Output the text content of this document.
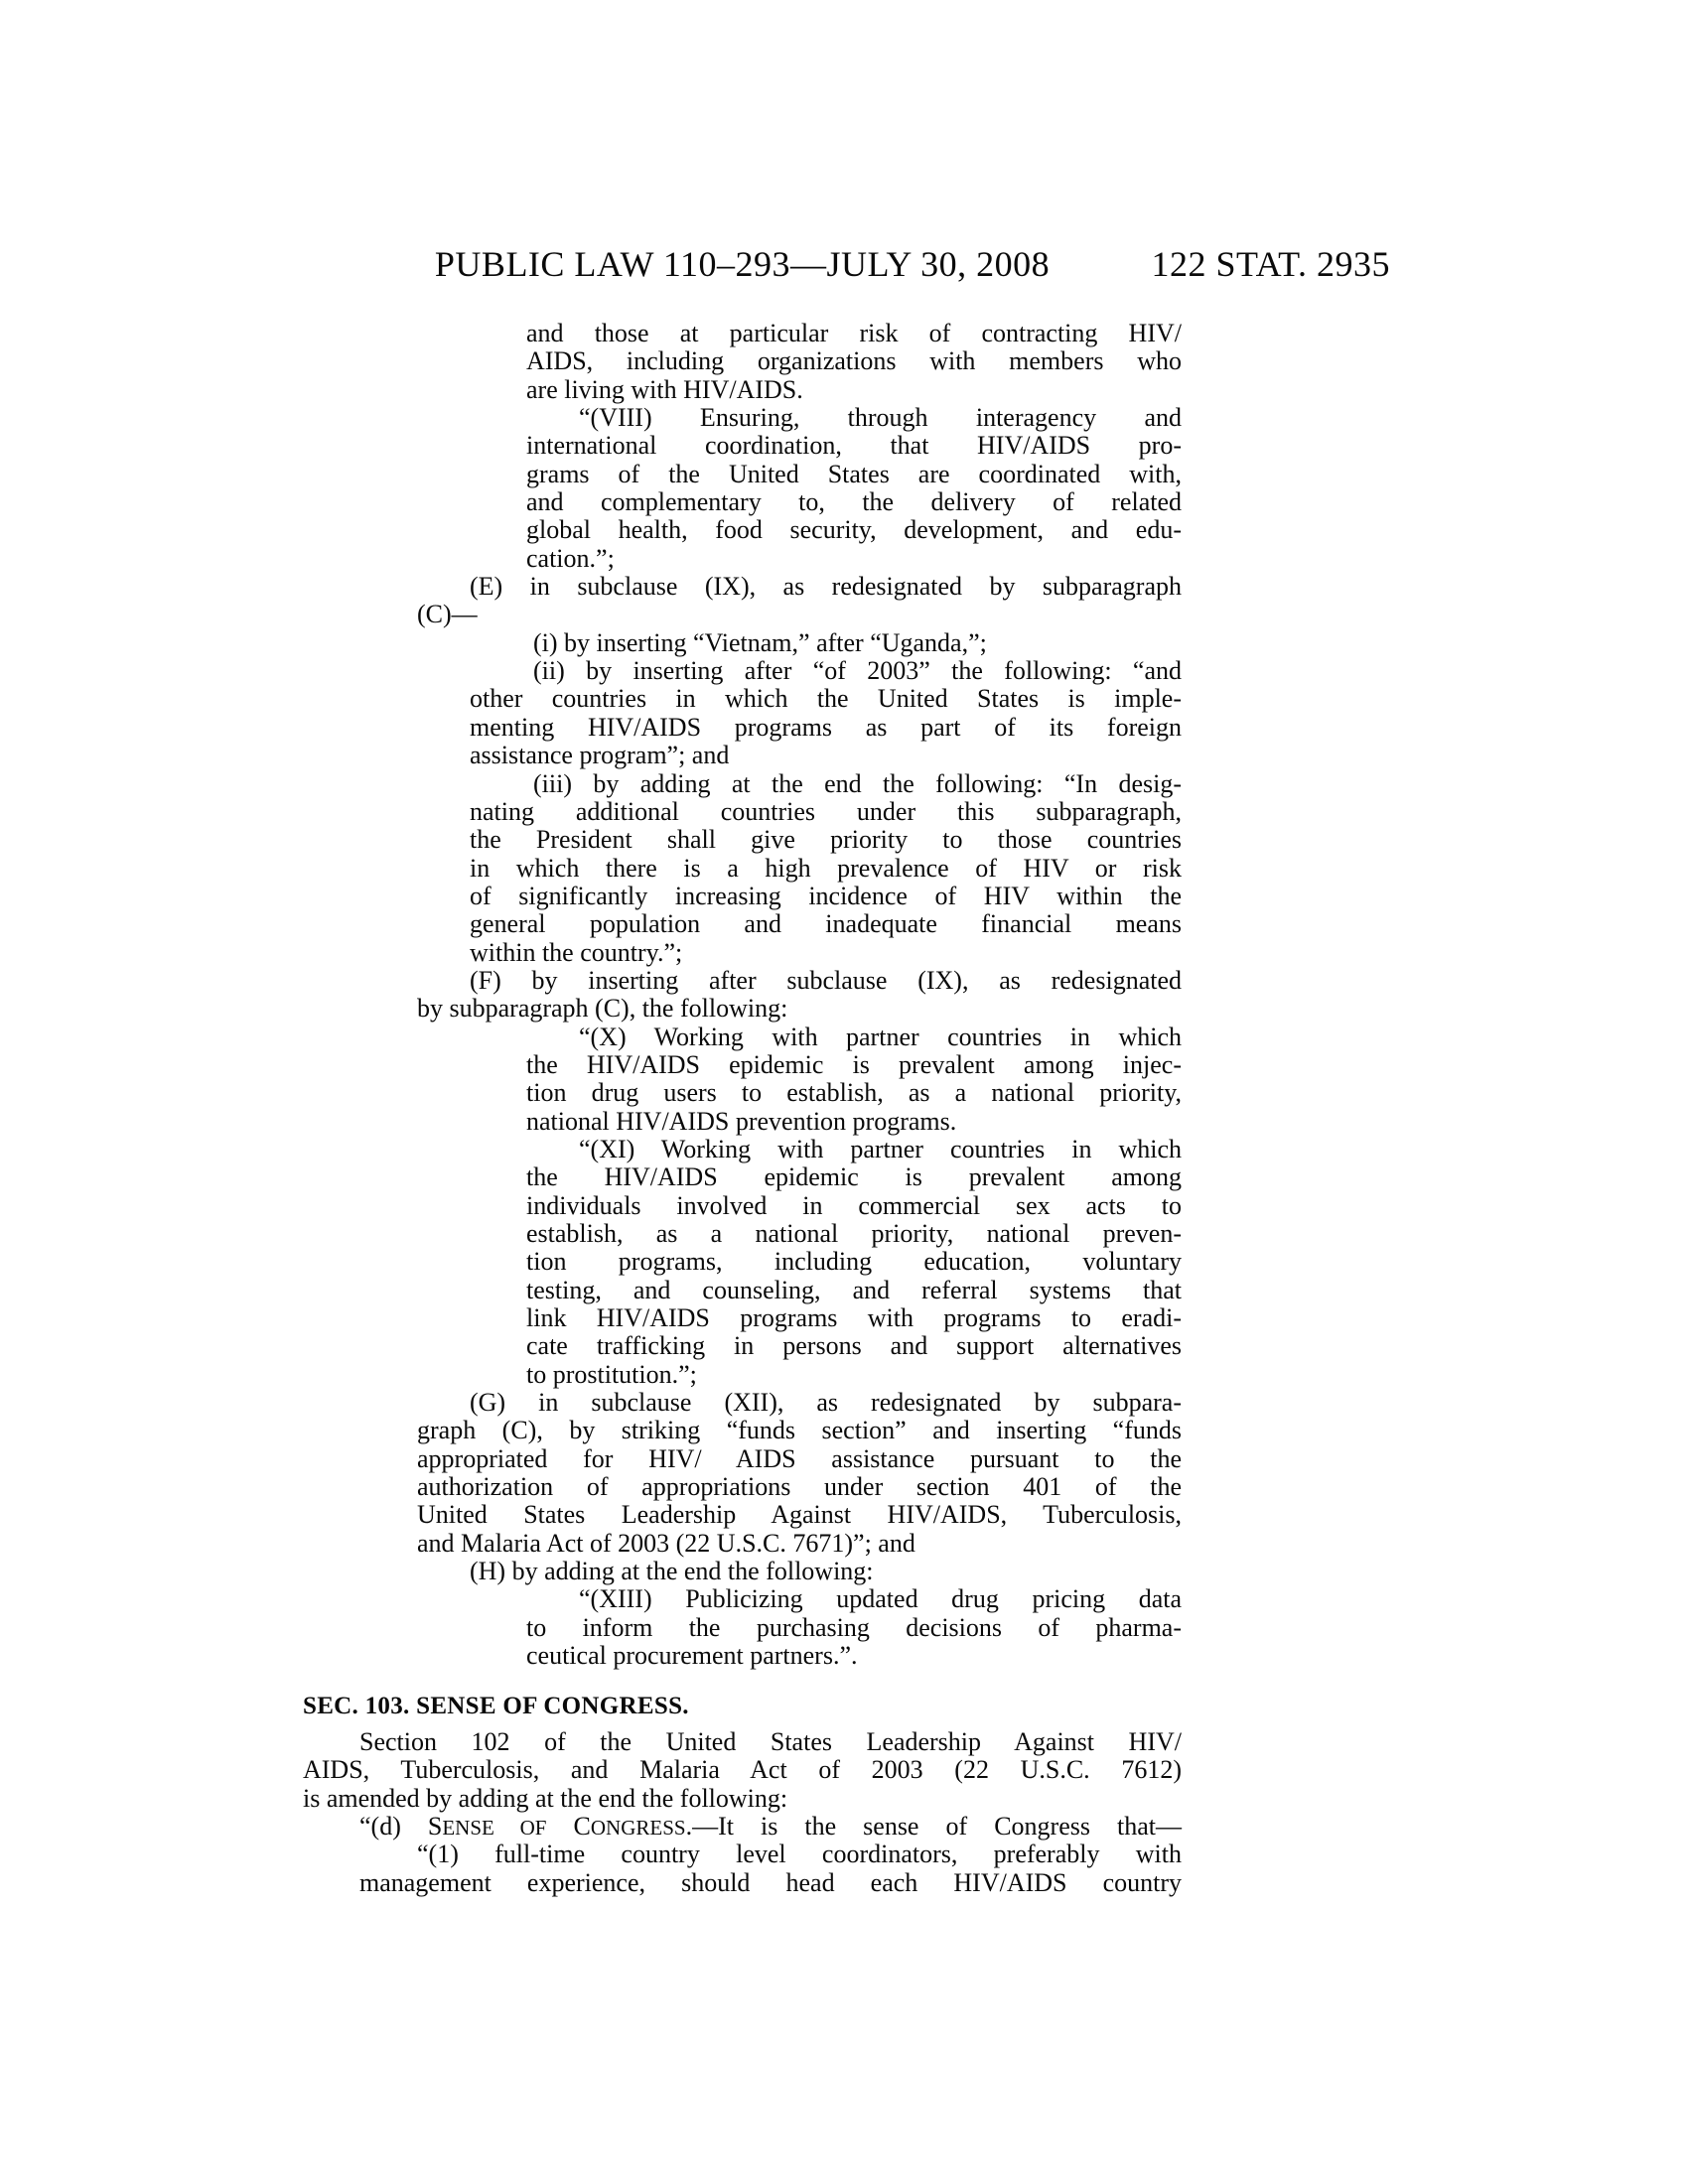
PUBLIC LAW 110–293—JULY 30, 2008	122 STAT. 2935
and those at particular risk of contracting HIV/
AIDS, including organizations with members who
are living with HIV/AIDS.
“(VIII) Ensuring, through interagency and
international coordination, that HIV/AIDS pro-
grams of the United States are coordinated with,
and complementary to, the delivery of related
global health, food security, development, and edu-
cation.”;
(E) in subclause (IX), as redesignated by subparagraph
(C)—
(i) by inserting “Vietnam,” after “Uganda,”;
(ii) by inserting after “of 2003” the following: “and
other countries in which the United States is imple-
menting HIV/AIDS programs as part of its foreign
assistance program”; and
(iii) by adding at the end the following: “In desig-
nating additional countries under this subparagraph,
the President shall give priority to those countries
in which there is a high prevalence of HIV or risk
of significantly increasing incidence of HIV within the
general population and inadequate financial means
within the country.”;
(F) by inserting after subclause (IX), as redesignated
by subparagraph (C), the following:
“(X) Working with partner countries in which
the HIV/AIDS epidemic is prevalent among injec-
tion drug users to establish, as a national priority,
national HIV/AIDS prevention programs.
“(XI) Working with partner countries in which
the HIV/AIDS epidemic is prevalent among
individuals involved in commercial sex acts to
establish, as a national priority, national preven-
tion programs, including education, voluntary
testing, and counseling, and referral systems that
link HIV/AIDS programs with programs to eradi-
cate trafficking in persons and support alternatives
to prostitution.”;
(G) in subclause (XII), as redesignated by subpara-
graph (C), by striking “funds section” and inserting “funds
appropriated for HIV/ AIDS assistance pursuant to the
authorization of appropriations under section 401 of the
United States Leadership Against HIV/AIDS, Tuberculosis,
and Malaria Act of 2003 (22 U.S.C. 7671)”; and
(H) by adding at the end the following:
“(XIII) Publicizing updated drug pricing data
to inform the purchasing decisions of pharma-
ceutical procurement partners.”.
SEC. 103. SENSE OF CONGRESS.
Section 102 of the United States Leadership Against HIV/
AIDS, Tuberculosis, and Malaria Act of 2003 (22 U.S.C. 7612)
is amended by adding at the end the following:
“(d) SENSE OF CONGRESS.—It is the sense of Congress that—
“(1) full-time country level coordinators, preferably with
management experience, should head each HIV/AIDS country
